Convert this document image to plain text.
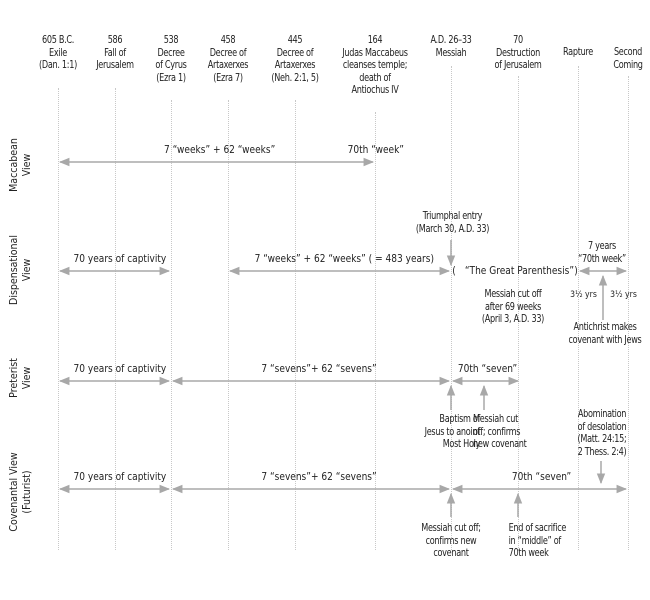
605 B.C.
Exile
(Dan. 1:1)
586
Fall of
Jerusalem
538
Decree
of Cyrus
(Ezra 1)
458
Decree of
Artaxerxes
(Ezra 7)
445
Decree of
Artaxerxes
(Neh. 2:1, 5)
164
Judas Maccabeus
cleanses temple;
death of
Antiochus IV
A.D. 26–33
Messiah
70
Destruction
of Jerusalem
Rapture	Second
Coming
Maccabean View
Dispensational View
Preterist View
Covenantal View (Futurist)
7 “weeks” + 62 “weeks”	70th “week”
70 years of captivity	7 “weeks” + 62 “weeks” ( = 483 years)
Triumphal entry
(March 30, A.D. 33)
( “The Great Parenthesis” )
7 years
“70th week”
3½ yrs 3½ yrs
Messiah cut off
after 69 weeks
(April 3, A.D. 33)
Antichrist makes
covenant with Jews
70 years of captivity	7 “sevens”+ 62 “sevens”	70th “seven”
Baptism of
Jesus to anoint
Most Holy
Messiah cut
off; confirms
new covenant
Abomination
of desolation
(Matt. 24:15;
2 Thess. 2:4)
70 years of captivity	7 “sevens”+ 62 “sevens”	70th “seven”
Messiah cut off;
confirms new
covenant
End of sacrifice
in “middle” of
70th week
